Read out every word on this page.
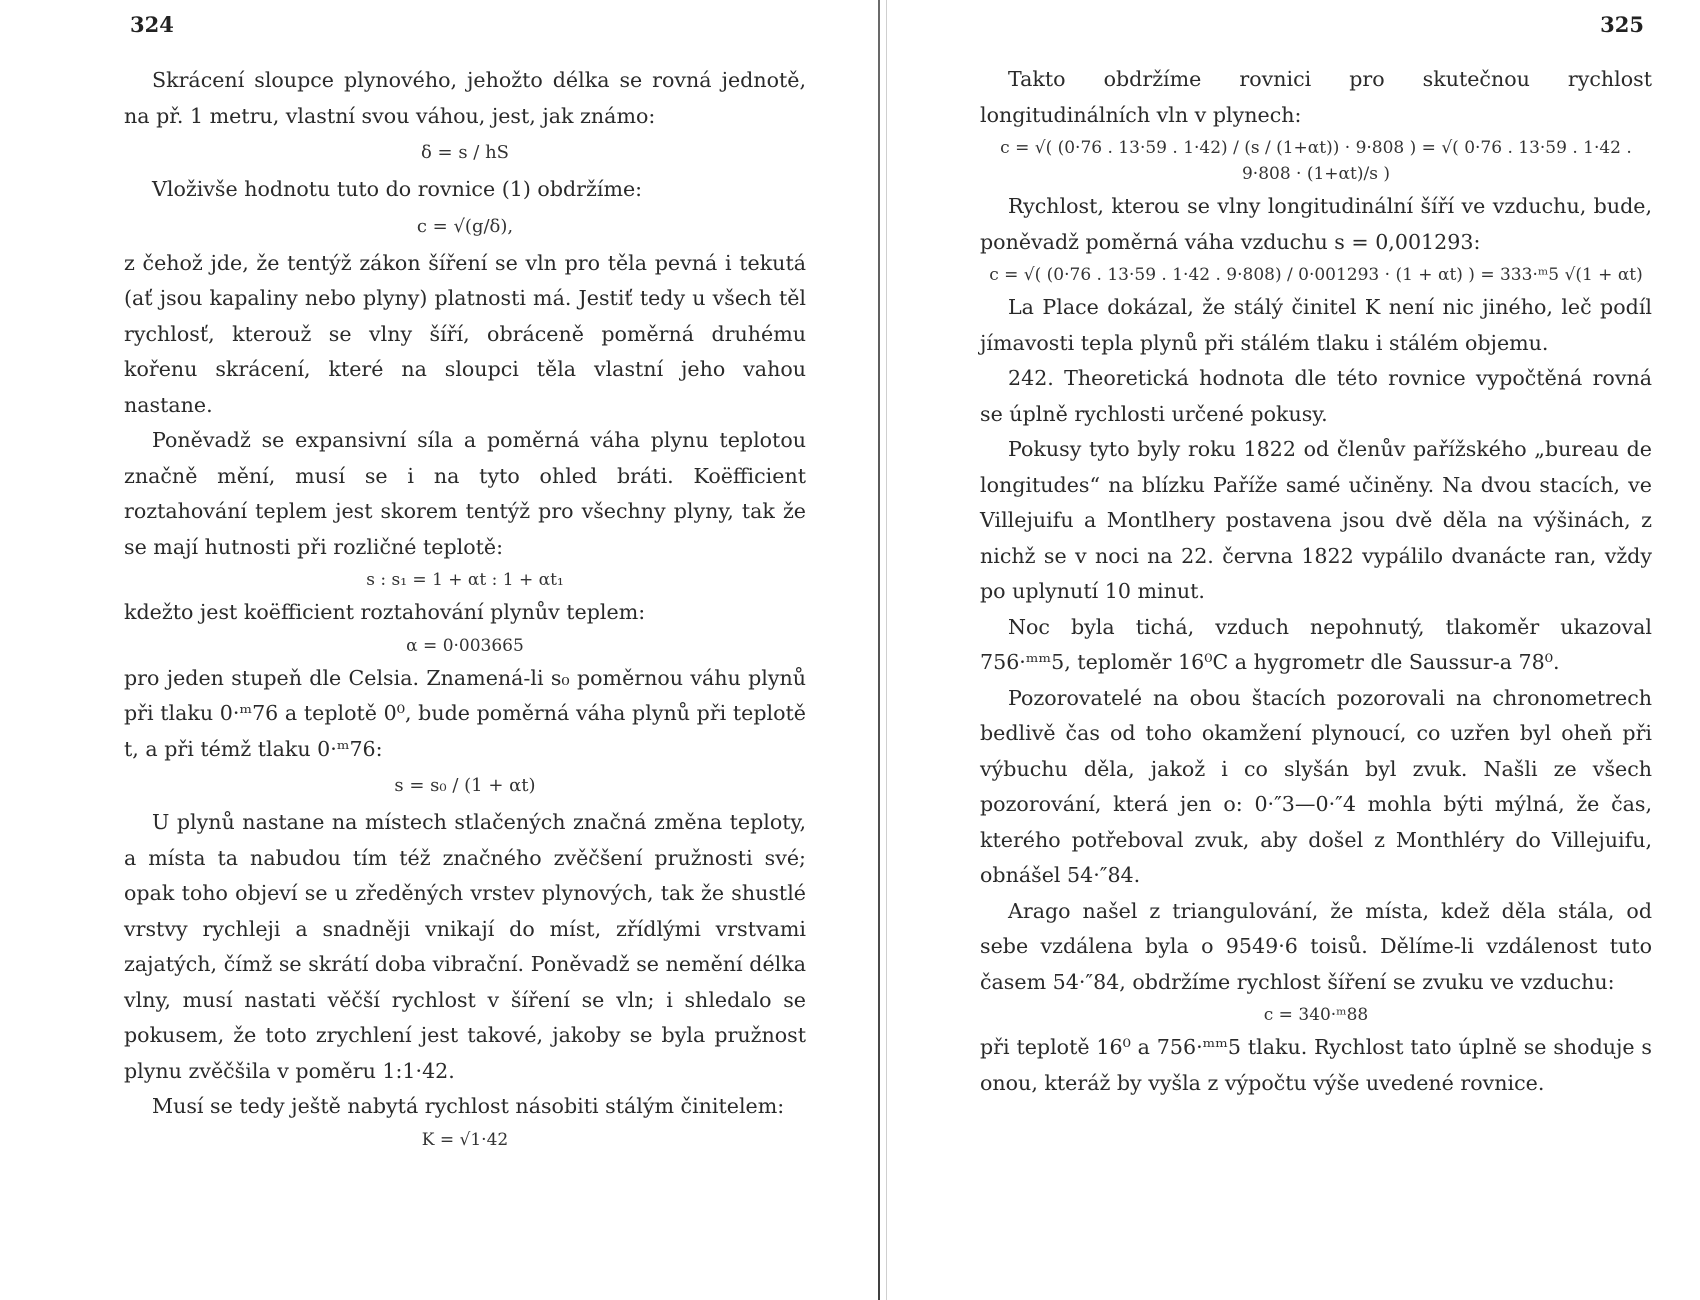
324

Skrácení sloupce plynového, jehožto délka se rovná jednotě, na př. 1 metru, vlastní svou váhou, jest, jak známo:

δ = s / hS

Vloživše hodnotu tuto do rovnice (1) obdržíme:

c = √(g/δ),

z čehož jde, že tentýž zákon šíření se vln pro těla pevná i tekutá (ať jsou kapaliny nebo plyny) platnosti má. Jestiť tedy u všech těl rychlosť, kterouž se vlny šíří, obráceně poměrná druhému kořenu skrácení, které na sloupci těla vlastní jeho vahou nastane.

Poněvadž se expansivní síla a poměrná váha plynu teplotou značně mění, musí se i na tyto ohled bráti. Koëfficient roztahování teplem jest skorem tentýž pro všechny plyny, tak že se mají hutnosti při rozličné teplotě:

s : s₁ = 1 + αt : 1 + αt₁

kdežto jest koëfficient roztahování plynův teplem:

α = 0·003665

pro jeden stupeň dle Celsia. Znamená-li s₀ poměrnou váhu plynů při tlaku 0·ᵐ76 a teplotě 0⁰, bude poměrná váha plynů při teplotě t, a při témž tlaku 0·ᵐ76:

s = s₀ / (1 + αt)

U plynů nastane na místech stlačených značná změna teploty, a místa ta nabudou tím též značného zvěčšení pružnosti své; opak toho objeví se u zředěných vrstev plynových, tak že shustlé vrstvy rychleji a snadněji vnikají do míst, zřídlými vrstvami zajatých, čímž se skrátí doba vibrační. Poněvadž se nemění délka vlny, musí nastati věčší rychlost v šíření se vln; i shledalo se pokusem, že toto zrychlení jest takové, jakoby se byla pružnost plynu zvěčšila v poměru 1:1·42.

Musí se tedy ještě nabytá rychlost násobiti stálým činitelem:

K = √1·42
325

Takto obdržíme rovnici pro skutečnou rychlost longitudinálních vln v plynech:

c = √( (0·76 . 13·59 . 1·42) / (s / (1+αt)) · 9·808 ) = √( 0·76 . 13·59 . 1·42 . 9·808 · (1+αt)/s )

Rychlost, kterou se vlny longitudinální šíří ve vzduchu, bude, poněvadž poměrná váha vzduchu s = 0,001293:

c = √( (0·76 . 13·59 . 1·42 . 9·808) / 0·001293 · (1 + αt) ) = 333·ᵐ5 √(1 + αt)

La Place dokázal, že stálý činitel K není nic jiného, leč podíl jímavosti tepla plynů při stálém tlaku i stálém objemu.

242. Theoretická hodnota dle této rovnice vypočtěná rovná se úplně rychlosti určené pokusy.

Pokusy tyto byly roku 1822 od členův pařížského „bureau de longitudes“ na blízku Paříže samé učiněny. Na dvou stacích, ve Villejuifu a Montlhery postavena jsou dvě děla na výšinách, z nichž se v noci na 22. června 1822 vypálilo dvanácte ran, vždy po uplynutí 10 minut.

Noc byla tichá, vzduch nepohnutý, tlakoměr ukazoval 756·ᵐᵐ5, teploměr 16⁰C a hygrometr dle Saussur-a 78⁰.

Pozorovatelé na obou štacích pozorovali na chronometrech bedlivě čas od toho okamžení plynoucí, co uzřen byl oheň při výbuchu děla, jakož i co slyšán byl zvuk. Našli ze všech pozorování, která jen o: 0·″3—0·″4 mohla býti mýlná, že čas, kterého potřeboval zvuk, aby došel z Monthléry do Villejuifu, obnášel 54·″84.

Arago našel z triangulování, že místa, kdež děla stála, od sebe vzdálena byla o 9549·6 toisů. Dělíme-li vzdálenost tuto časem 54·″84, obdržíme rychlost šíření se zvuku ve vzduchu:

c = 340·ᵐ88

při teplotě 16⁰ a 756·ᵐᵐ5 tlaku. Rychlost tato úplně se shoduje s onou, kteráž by vyšla z výpočtu výše uvedené rovnice.
